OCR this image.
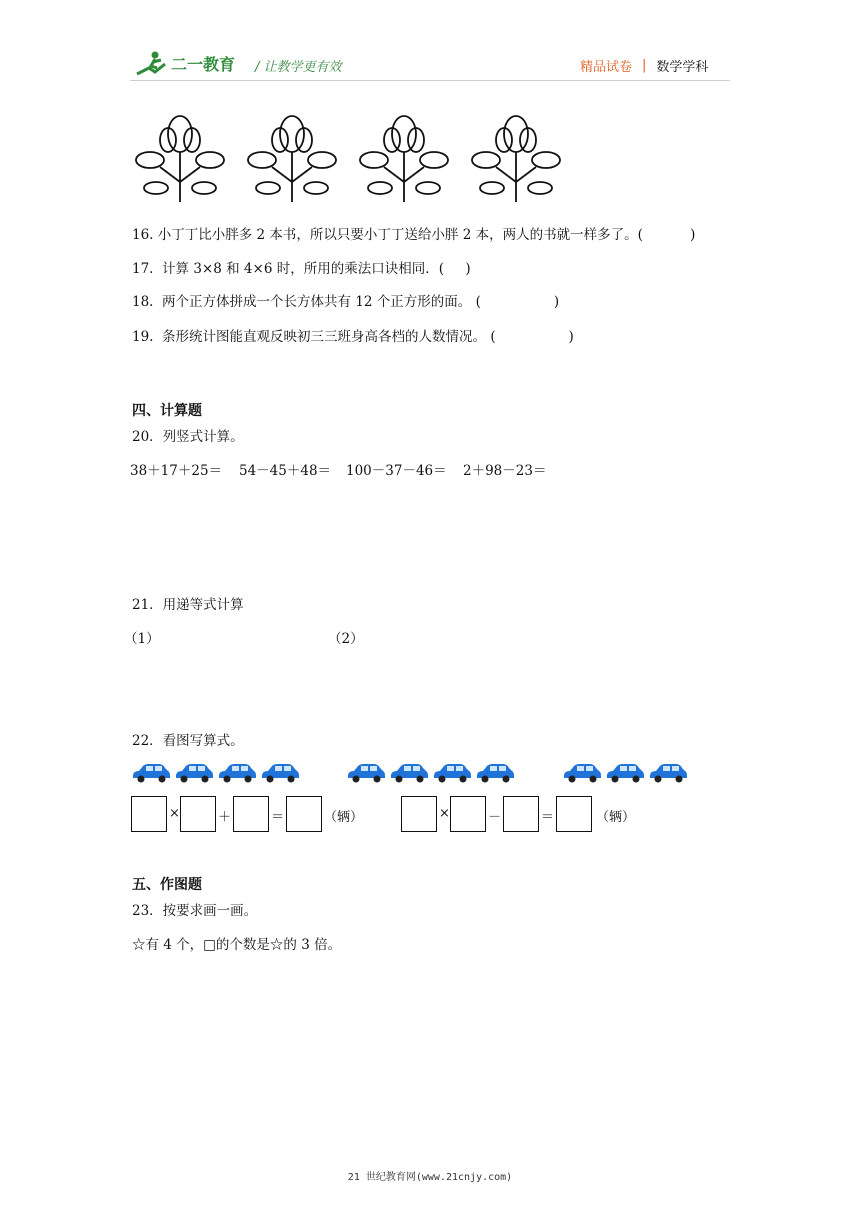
二一教育 / 让教学更有效	精品试卷 | 数学学科
16. 小丁丁比小胖多 2 本书，所以只要小丁丁送给小胖 2 本，两人的书就一样多了。(           )
17.  计算 3×8 和 4×6 时，所用的乘法口诀相同．(     )
18.  两个正方体拼成一个长方体共有 12 个正方形的面。 (                 )
19.  条形统计图能直观反映初三三班身高各档的人数情况。 (                 )
四、计算题
20．列竖式计算。
38＋17＋25＝ 54－45＋48＝ 100－37－46＝ 2＋98－23＝
21．用递等式计算
（1）	（2）
22．看图写算式。
×	＋	＝	（辆）	×	－	＝	（辆）
五、作图题
23．按要求画一画。
☆有 4 个，□的个数是☆的 3 倍。
21 世纪教育网(www.21cnjy.com)
